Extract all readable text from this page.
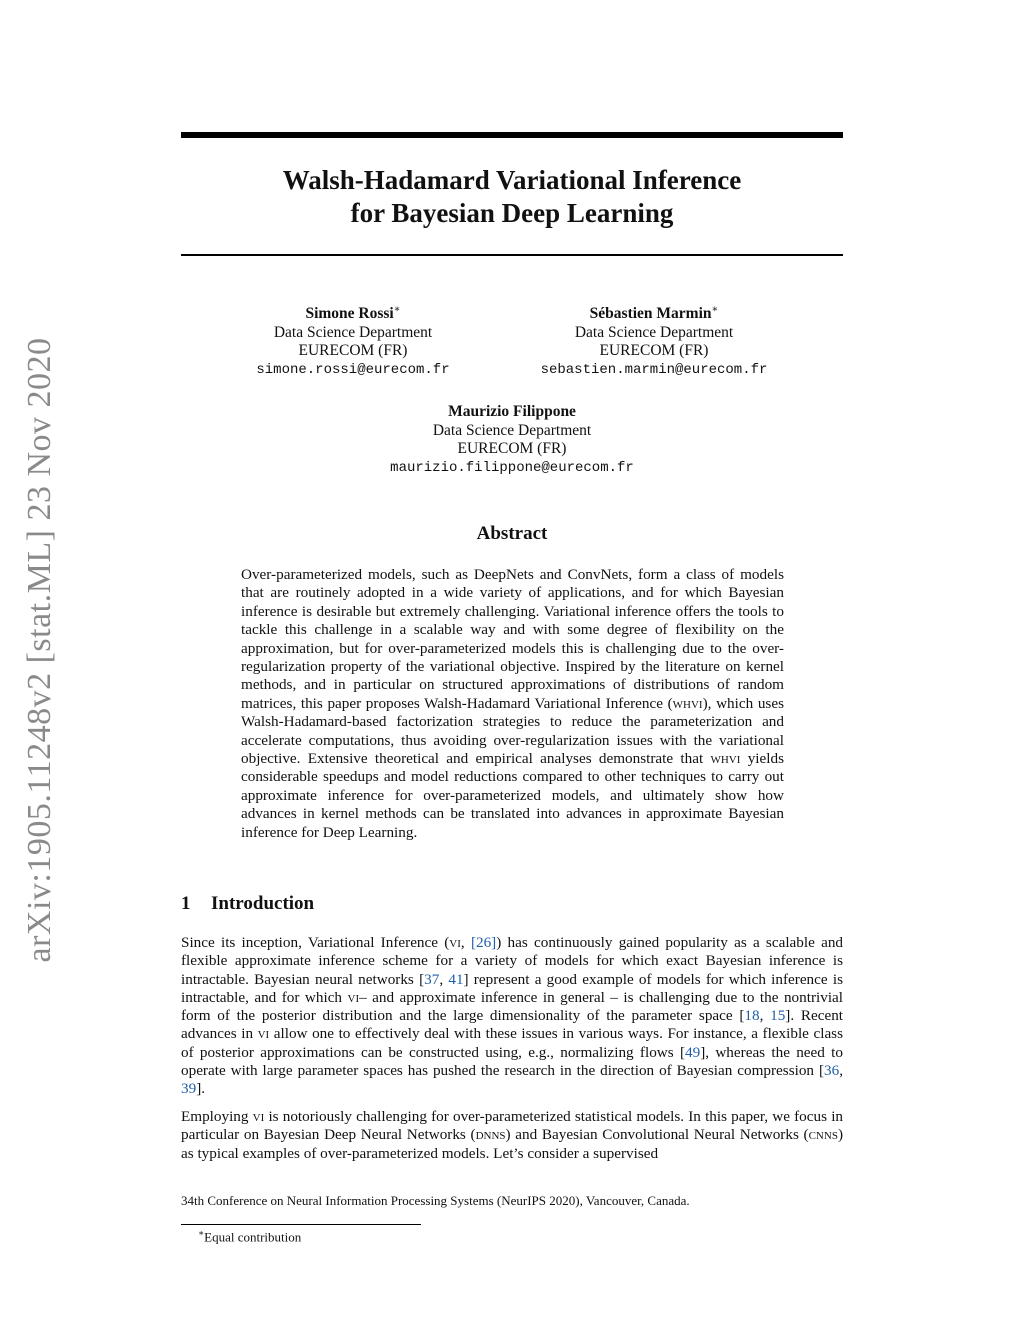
arXiv:1905.11248v2 [stat.ML] 23 Nov 2020
Walsh-Hadamard Variational Inference
for Bayesian Deep Learning
Simone Rossi∗
Data Science Department
EURECOM (FR)
simone.rossi@eurecom.fr
Sébastien Marmin∗
Data Science Department
EURECOM (FR)
sebastien.marmin@eurecom.fr
Maurizio Filippone
Data Science Department
EURECOM (FR)
maurizio.filippone@eurecom.fr
Abstract
Over-parameterized models, such as DeepNets and ConvNets, form a class of models that are routinely adopted in a wide variety of applications, and for which Bayesian inference is desirable but extremely challenging. Variational inference offers the tools to tackle this challenge in a scalable way and with some degree of flexibility on the approximation, but for over-parameterized models this is challenging due to the over-regularization property of the variational objective. Inspired by the literature on kernel methods, and in particular on structured approximations of distributions of random matrices, this paper proposes Walsh-Hadamard Variational Inference (whvi), which uses Walsh-Hadamard-based factorization strategies to reduce the parameterization and accelerate computations, thus avoiding over-regularization issues with the variational objective. Extensive theoretical and empirical analyses demonstrate that whvi yields considerable speedups and model reductions compared to other techniques to carry out approximate inference for over-parameterized models, and ultimately show how advances in kernel methods can be translated into advances in approximate Bayesian inference for Deep Learning.
1 Introduction
Since its inception, Variational Inference (vi, [26]) has continuously gained popularity as a scalable and flexible approximate inference scheme for a variety of models for which exact Bayesian inference is intractable. Bayesian neural networks [37, 41] represent a good example of models for which inference is intractable, and for which vi– and approximate inference in general – is challenging due to the nontrivial form of the posterior distribution and the large dimensionality of the parameter space [18, 15]. Recent advances in vi allow one to effectively deal with these issues in various ways. For instance, a flexible class of posterior approximations can be constructed using, e.g., normalizing flows [49], whereas the need to operate with large parameter spaces has pushed the research in the direction of Bayesian compression [36, 39].
Employing vi is notoriously challenging for over-parameterized statistical models. In this paper, we focus in particular on Bayesian Deep Neural Networks (dnns) and Bayesian Convolutional Neural Networks (cnns) as typical examples of over-parameterized models. Let’s consider a supervised
34th Conference on Neural Information Processing Systems (NeurIPS 2020), Vancouver, Canada.
∗Equal contribution
